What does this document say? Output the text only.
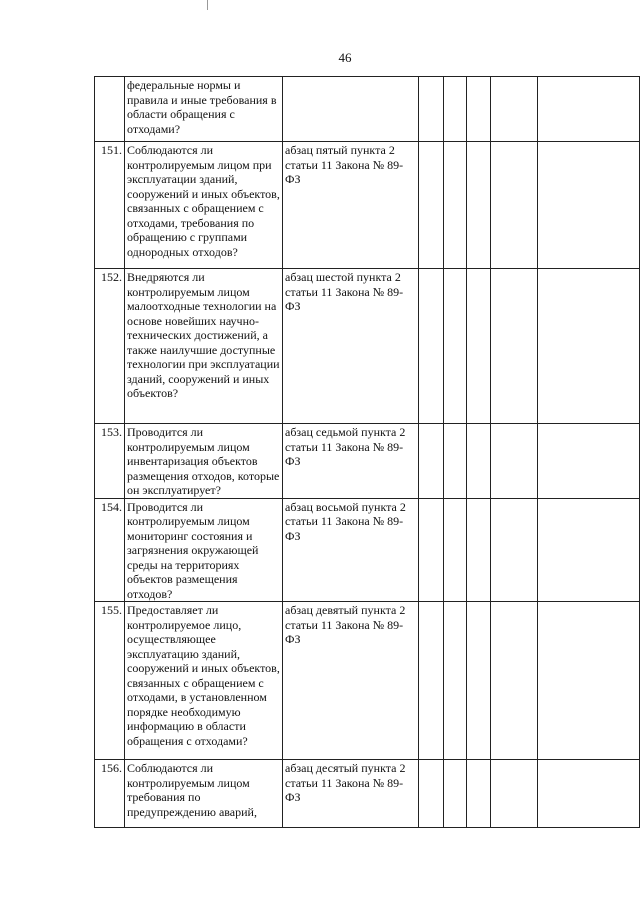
46
	федеральные нормы и правила и иные требования в области обращения с отходами?						
151.	Соблюдаются ли контролируемым лицом при эксплуатации зданий, сооружений и иных объектов, связанных с обращением с отходами, требования по обращению с группами однородных отходов?	абзац пятый пункта 2 статьи 11 Закона № 89-ФЗ					
152.	Внедряются ли контролируемым лицом малоотходные технологии на основе новейших научно-технических достижений, а также наилучшие доступные технологии при эксплуатации зданий, сооружений и иных объектов?	абзац шестой пункта 2 статьи 11 Закона № 89-ФЗ					
153.	Проводится ли контролируемым лицом инвентаризация объектов размещения отходов, которые он эксплуатирует?	абзац седьмой пункта 2 статьи 11 Закона № 89-ФЗ					
154.	Проводится ли контролируемым лицом мониторинг состояния и загрязнения окружающей среды на территориях объектов размещения отходов?	абзац восьмой пункта 2 статьи 11 Закона № 89-ФЗ					
155.	Предоставляет ли контролируемое лицо, осуществляющее эксплуатацию зданий, сооружений и иных объектов, связанных с обращением с отходами, в установленном порядке необходимую информацию в области обращения с отходами?	абзац девятый пункта 2 статьи 11 Закона № 89-ФЗ					
156.	Соблюдаются ли контролируемым лицом требования по предупреждению аварий,	абзац десятый пункта 2 статьи 11 Закона № 89-ФЗ					
